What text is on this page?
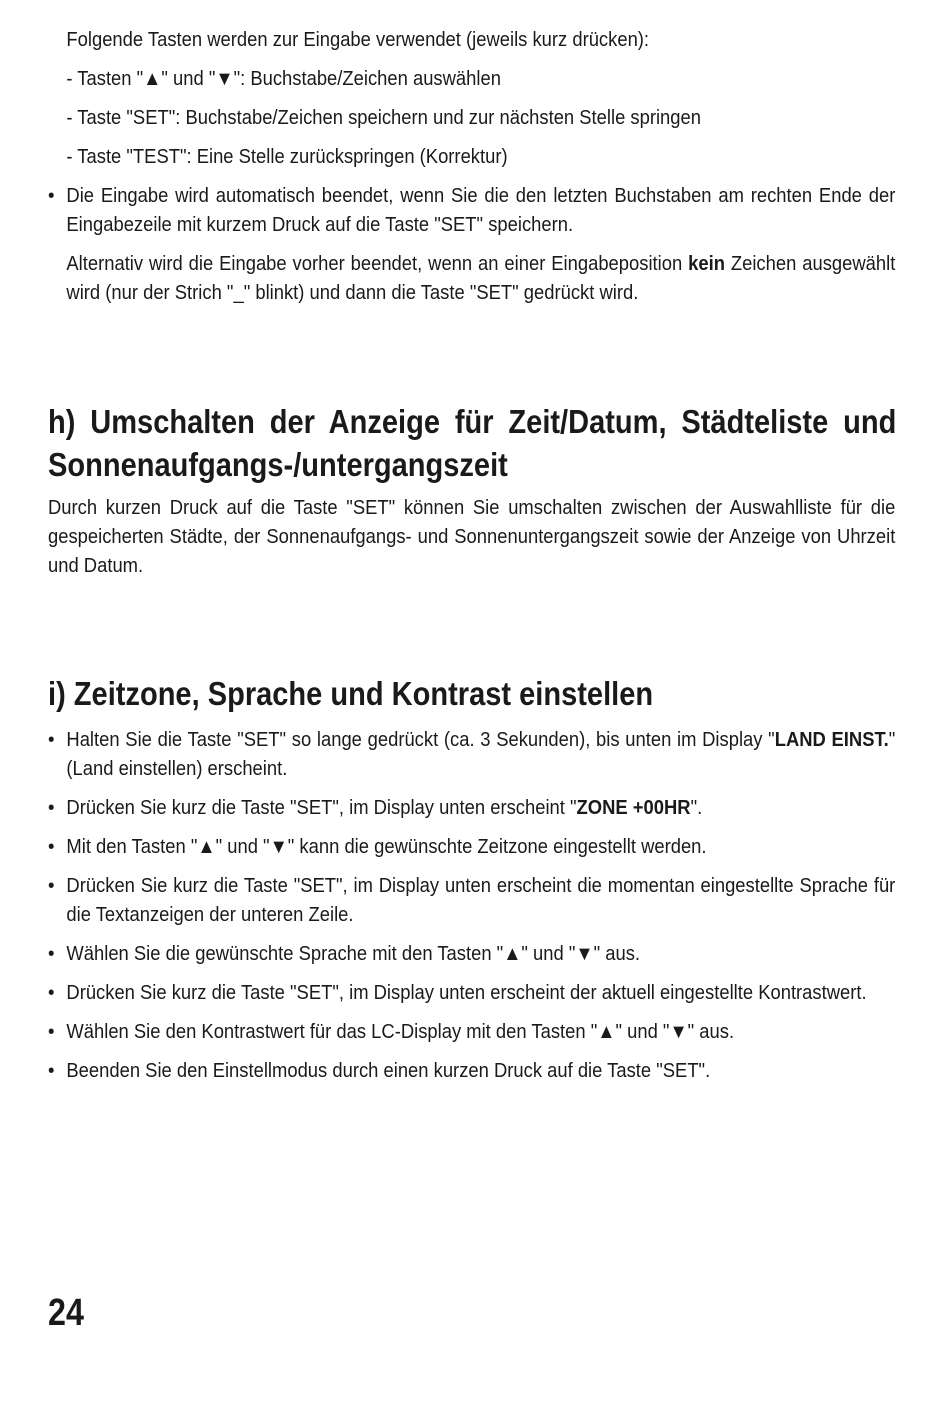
Folgende Tasten werden zur Eingabe verwendet (jeweils kurz drücken):

- Tasten "▲" und "▼": Buchstabe/Zeichen auswählen

- Taste "SET": Buchstabe/Zeichen speichern und zur nächsten Stelle springen

- Taste "TEST": Eine Stelle zurückspringen (Korrektur)

• Die Eingabe wird automatisch beendet, wenn Sie die den letzten Buchstaben am rechten Ende der Eingabezeile mit kurzem Druck auf die Taste "SET" speichern.

Alternativ wird die Eingabe vorher beendet, wenn an einer Eingabeposition kein Zeichen ausgewählt wird (nur der Strich "_" blinkt) und dann die Taste "SET" gedrückt wird.

h) Umschalten der Anzeige für Zeit/Datum, Städteliste und Sonnenaufgangs-/untergangszeit

Durch kurzen Druck auf die Taste "SET" können Sie umschalten zwischen der Auswahlliste für die gespeicherten Städte, der Sonnenaufgangs- und Sonnenuntergangszeit sowie der Anzeige von Uhrzeit und Datum.

i) Zeitzone, Sprache und Kontrast einstellen
• Halten Sie die Taste "SET" so lange gedrückt (ca. 3 Sekunden), bis unten im Display "LAND EINST." (Land einstellen) erscheint.
• Drücken Sie kurz die Taste "SET", im Display unten erscheint "ZONE +00HR".
• Mit den Tasten "▲" und "▼" kann die gewünschte Zeitzone eingestellt werden.
• Drücken Sie kurz die Taste "SET", im Display unten erscheint die momentan eingestellte Sprache für die Textanzeigen der unteren Zeile.
• Wählen Sie die gewünschte Sprache mit den Tasten "▲" und "▼" aus.
• Drücken Sie kurz die Taste "SET", im Display unten erscheint der aktuell eingestellte Kontrastwert.
• Wählen Sie den Kontrastwert für das LC-Display mit den Tasten "▲" und "▼" aus.
• Beenden Sie den Einstellmodus durch einen kurzen Druck auf die Taste "SET".
24
